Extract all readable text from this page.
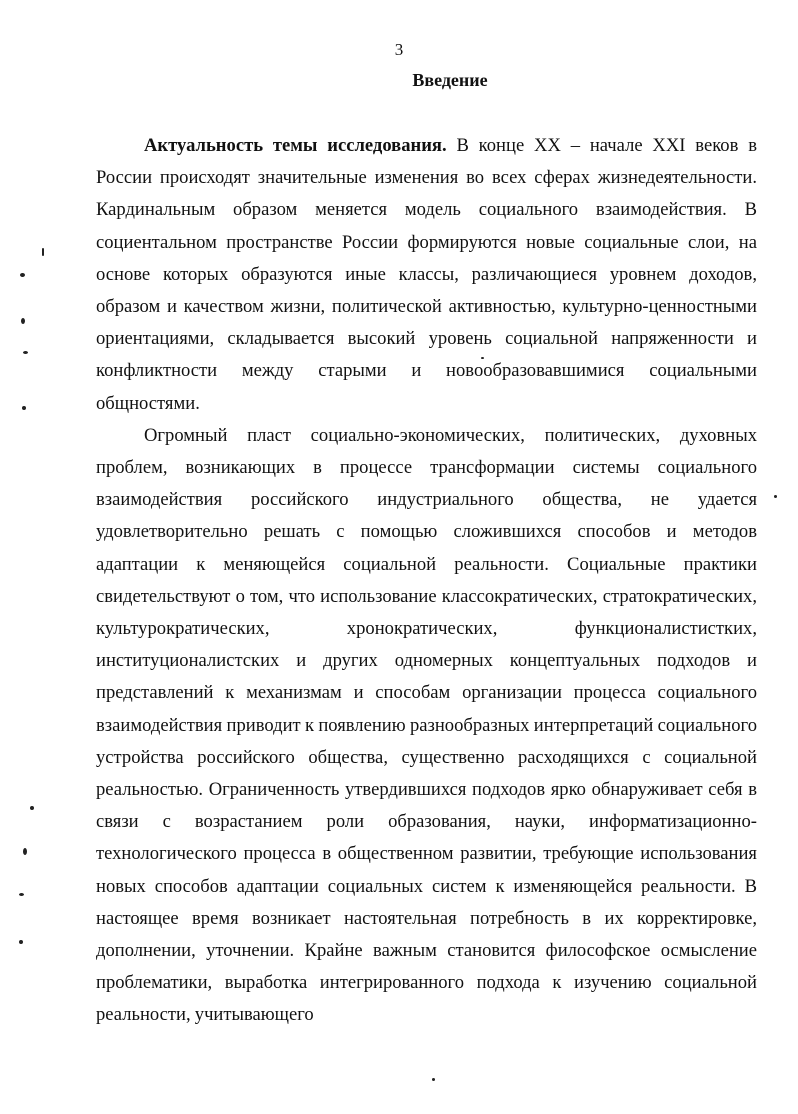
3
Введение

Актуальность темы исследования. В конце XX – начале XXI веков в России происходят значительные изменения во всех сферах жизнедеятельности. Кардинальным образом меняется модель социального взаимодействия. В социентальном пространстве России формируются новые социальные слои, на основе которых образуются иные классы, различающиеся уровнем доходов, образом и качеством жизни, политической активностью, культурно-ценностными ориентациями, складывается высокий уровень социальной напряженности и конфликтности между старыми и новообразовавшимися социальными общностями.

Огромный пласт социально-экономических, политических, духовных проблем, возникающих в процессе трансформации системы социального взаимодействия российского индустриального общества, не удается удовлетворительно решать с помощью сложившихся способов и методов адаптации к меняющейся социальной реальности. Социальные практики свидетельствуют о том, что использование классократических, стратократических, культурократических, хронократических, функционалистистких, институционалистских и других одномерных концептуальных подходов и представлений к механизмам и способам организации процесса социального взаимодействия приводит к появлению разнообразных интерпретаций социального устройства российского общества, существенно расходящихся с социальной реальностью. Ограниченность утвердившихся подходов ярко обнаруживает себя в связи с возрастанием роли образования, науки, информатизационно-технологического процесса в общественном развитии, требующие использования новых способов адаптации социальных систем к изменяющейся реальности. В настоящее время возникает настоятельная потребность в их корректировке, дополнении, уточнении. Крайне важным становится философское осмысление проблематики, выработка интегрированного подхода к изучению социальной реальности, учитывающего
